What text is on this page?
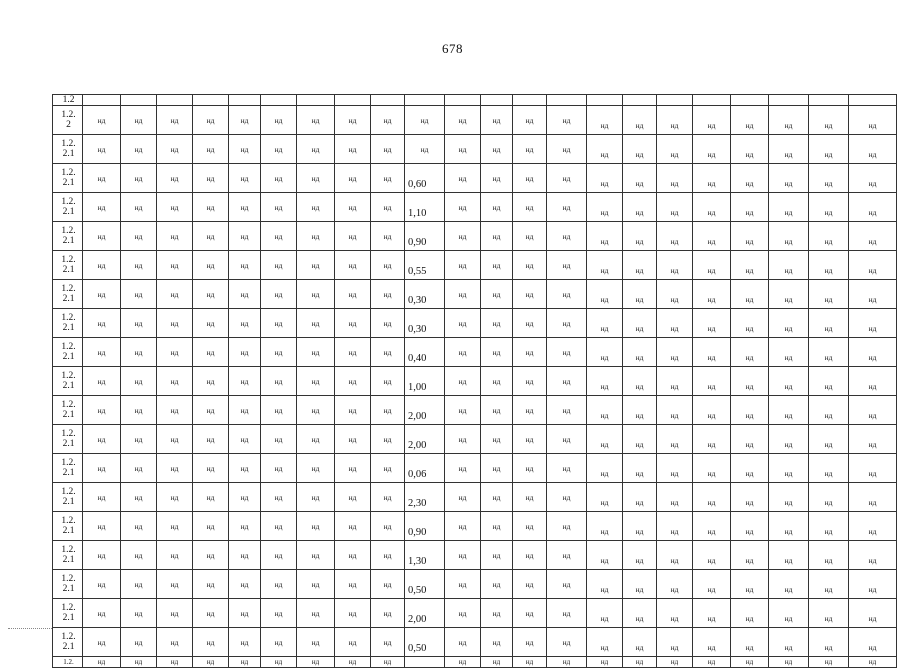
678
1.2																						
1.2.
2	нд	нд	нд	нд	нд	нд	нд	нд	нд	нд	нд	нд	нд	нд	нд	нд	нд	нд	нд	нд	нд	нд
1.2.
2.1	нд	нд	нд	нд	нд	нд	нд	нд	нд	нд	нд	нд	нд	нд	нд	нд	нд	нд	нд	нд	нд	нд
1.2.
2.1	нд	нд	нд	нд	нд	нд	нд	нд	нд	0,60	нд	нд	нд	нд	нд	нд	нд	нд	нд	нд	нд	нд
1.2.
2.1	нд	нд	нд	нд	нд	нд	нд	нд	нд	1,10	нд	нд	нд	нд	нд	нд	нд	нд	нд	нд	нд	нд
1.2.
2.1	нд	нд	нд	нд	нд	нд	нд	нд	нд	0,90	нд	нд	нд	нд	нд	нд	нд	нд	нд	нд	нд	нд
1.2.
2.1	нд	нд	нд	нд	нд	нд	нд	нд	нд	0,55	нд	нд	нд	нд	нд	нд	нд	нд	нд	нд	нд	нд
1.2.
2.1	нд	нд	нд	нд	нд	нд	нд	нд	нд	0,30	нд	нд	нд	нд	нд	нд	нд	нд	нд	нд	нд	нд
1.2.
2.1	нд	нд	нд	нд	нд	нд	нд	нд	нд	0,30	нд	нд	нд	нд	нд	нд	нд	нд	нд	нд	нд	нд
1.2.
2.1	нд	нд	нд	нд	нд	нд	нд	нд	нд	0,40	нд	нд	нд	нд	нд	нд	нд	нд	нд	нд	нд	нд
1.2.
2.1	нд	нд	нд	нд	нд	нд	нд	нд	нд	1,00	нд	нд	нд	нд	нд	нд	нд	нд	нд	нд	нд	нд
1.2.
2.1	нд	нд	нд	нд	нд	нд	нд	нд	нд	2,00	нд	нд	нд	нд	нд	нд	нд	нд	нд	нд	нд	нд
1.2.
2.1	нд	нд	нд	нд	нд	нд	нд	нд	нд	2,00	нд	нд	нд	нд	нд	нд	нд	нд	нд	нд	нд	нд
1.2.
2.1	нд	нд	нд	нд	нд	нд	нд	нд	нд	0,06	нд	нд	нд	нд	нд	нд	нд	нд	нд	нд	нд	нд
1.2.
2.1	нд	нд	нд	нд	нд	нд	нд	нд	нд	2,30	нд	нд	нд	нд	нд	нд	нд	нд	нд	нд	нд	нд
1.2.
2.1	нд	нд	нд	нд	нд	нд	нд	нд	нд	0,90	нд	нд	нд	нд	нд	нд	нд	нд	нд	нд	нд	нд
1.2.
2.1	нд	нд	нд	нд	нд	нд	нд	нд	нд	1,30	нд	нд	нд	нд	нд	нд	нд	нд	нд	нд	нд	нд
1.2.
2.1	нд	нд	нд	нд	нд	нд	нд	нд	нд	0,50	нд	нд	нд	нд	нд	нд	нд	нд	нд	нд	нд	нд
1.2.
2.1	нд	нд	нд	нд	нд	нд	нд	нд	нд	2,00	нд	нд	нд	нд	нд	нд	нд	нд	нд	нд	нд	нд
1.2.
2.1	нд	нд	нд	нд	нд	нд	нд	нд	нд	0,50	нд	нд	нд	нд	нд	нд	нд	нд	нд	нд	нд	нд
1.2.	нд	нд	нд	нд	нд	нд	нд	нд	нд		нд	нд	нд	нд	нд	нд	нд	нд	нд	нд	нд	нд
